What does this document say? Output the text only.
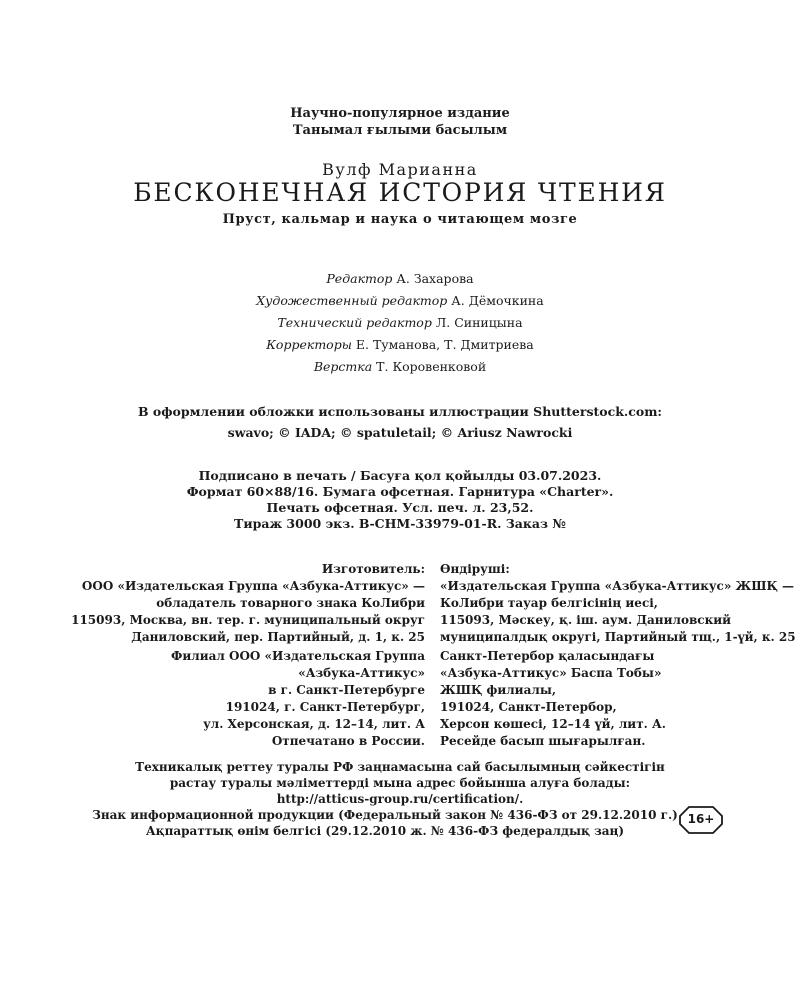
Научно-популярное издание
Танымал ғылыми басылым
Вулф Марианна
БЕСКОНЕЧНАЯ ИСТОРИЯ ЧТЕНИЯ
Пруст, кальмар и наука о читающем мозге
Редактор А. Захарова
Художественный редактор А. Дёмочкина
Технический редактор Л. Синицына
Корректоры Е. Туманова, Т. Дмитриева
Верстка Т. Коровенковой
В оформлении обложки использованы иллюстрации Shutterstock.com:
swavo; © IADA; © spatuletail; © Ariusz Nawrocki
Подписано в печать / Басуға қол қойылды 03.07.2023.
Формат 60×88/16. Бумага офсетная. Гарнитура «Charter».
Печать офсетная. Усл. печ. л. 23,52.
Тираж 3000 экз. В-СНМ-33979-01-R. Заказ №
Изготовитель:
ООО «Издательская Группа «Азбука-Аттикус» —
обладатель товарного знака КоЛибри
115093, Москва, вн. тер. г. муниципальный округ
Даниловский, пер. Партийный, д. 1, к. 25
Өндіруші:
«Издательская Группа «Азбука-Аттикус» ЖШҚ —
КоЛибри тауар белгісінің иесі,
115093, Мәскеу, қ. іш. аум. Даниловский
муниципалдық округі, Партийный тщ., 1-үй, к. 25
Филиал ООО «Издательская Группа
«Азбука-Аттикус»
в г. Санкт-Петербурге
191024, г. Санкт-Петербург,
ул. Херсонская, д. 12–14, лит. А
Отпечатано в России.
Санкт-Петербор қаласындағы
«Азбука-Аттикус» Баспа Тобы»
ЖШҚ филиалы,
191024, Санкт-Петербор,
Херсон көшесі, 12–14 үй, лит. А.
Ресейде басып шығарылған.
Техникалық реттеу туралы РФ заңнамасына сай басылымның сәйкестігін
растау туралы мәліметтерді мына адрес бойынша алуға болады:
http://atticus-group.ru/certification/.
Знак информационной продукции (Федеральный закон № 436-ФЗ от 29.12.2010 г.)
Ақпараттық өнім белгісі (29.12.2010 ж. № 436-ФЗ федералдық заң)
16+
